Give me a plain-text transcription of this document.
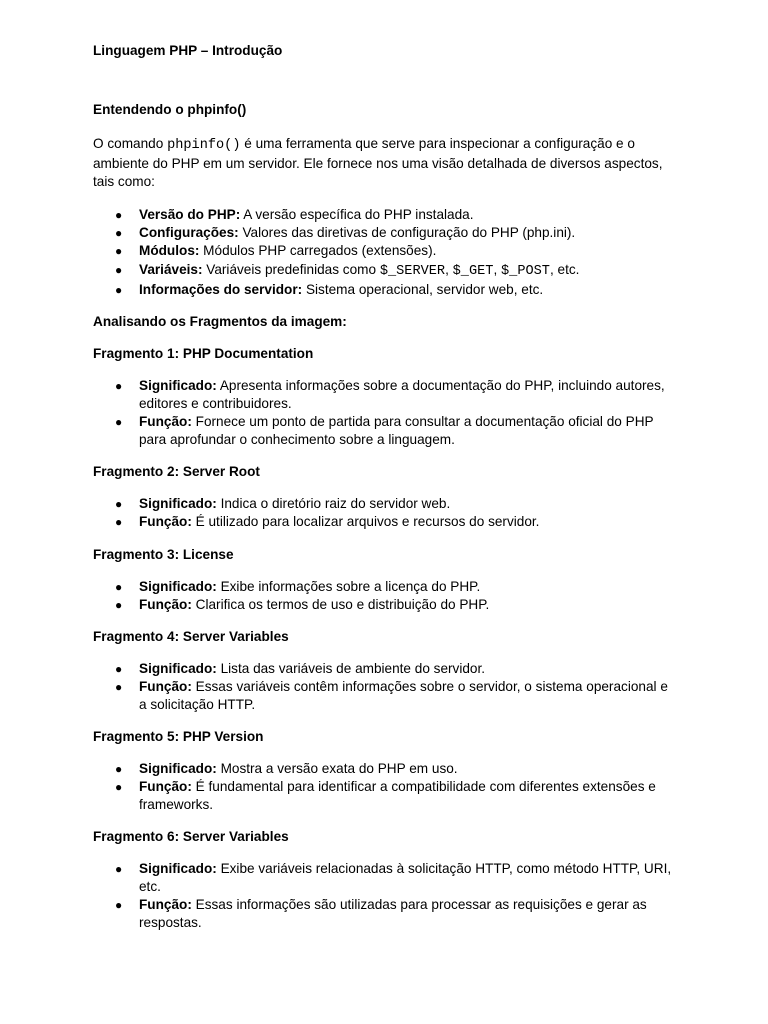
Linguagem PHP – Introdução

Entendendo o phpinfo()

O comando phpinfo() é uma ferramenta que serve para inspecionar a configuração e o ambiente do PHP em um servidor. Ele fornece nos uma visão detalhada de diversos aspectos, tais como:

● Versão do PHP: A versão específica do PHP instalada.
● Configurações: Valores das diretivas de configuração do PHP (php.ini).
● Módulos: Módulos PHP carregados (extensões).
● Variáveis: Variáveis predefinidas como $_SERVER, $_GET, $_POST, etc.
● Informações do servidor: Sistema operacional, servidor web, etc.

Analisando os Fragmentos da imagem:

Fragmento 1: PHP Documentation

● Significado: Apresenta informações sobre a documentação do PHP, incluindo autores, editores e contribuidores.
● Função: Fornece um ponto de partida para consultar a documentação oficial do PHP para aprofundar o conhecimento sobre a linguagem.

Fragmento 2: Server Root

● Significado: Indica o diretório raiz do servidor web.
● Função: É utilizado para localizar arquivos e recursos do servidor.

Fragmento 3: License

● Significado: Exibe informações sobre a licença do PHP.
● Função: Clarifica os termos de uso e distribuição do PHP.

Fragmento 4: Server Variables

● Significado: Lista das variáveis de ambiente do servidor.
● Função: Essas variáveis contêm informações sobre o servidor, o sistema operacional e a solicitação HTTP.

Fragmento 5: PHP Version

● Significado: Mostra a versão exata do PHP em uso.
● Função: É fundamental para identificar a compatibilidade com diferentes extensões e frameworks.

Fragmento 6: Server Variables

● Significado: Exibe variáveis relacionadas à solicitação HTTP, como método HTTP, URI, etc.
● Função: Essas informações são utilizadas para processar as requisições e gerar as respostas.
